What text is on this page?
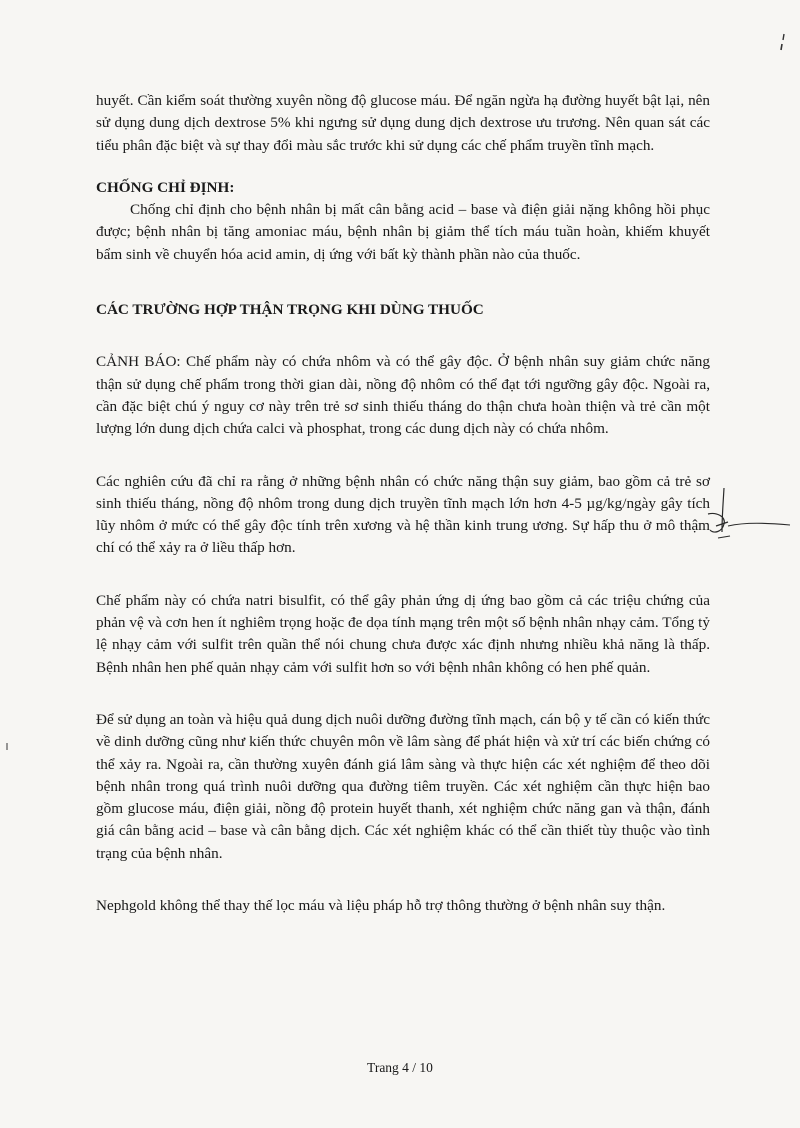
huyết. Cần kiểm soát thường xuyên nồng độ glucose máu. Để ngăn ngừa hạ đường huyết bật lại, nên sử dụng dung dịch dextrose 5% khi ngưng sử dụng dung dịch dextrose ưu trương. Nên quan sát các tiểu phân đặc biệt và sự thay đổi màu sắc trước khi sử dụng các chế phẩm truyền tĩnh mạch.

CHỐNG CHỈ ĐỊNH:

Chống chỉ định cho bệnh nhân bị mất cân bằng acid – base và điện giải nặng không hồi phục được; bệnh nhân bị tăng amoniac máu, bệnh nhân bị giảm thể tích máu tuần hoàn, khiếm khuyết bẩm sinh về chuyển hóa acid amin, dị ứng với bất kỳ thành phần nào của thuốc.

CÁC TRƯỜNG HỢP THẬN TRỌNG KHI DÙNG THUỐC

CẢNH BÁO: Chế phẩm này có chứa nhôm và có thể gây độc. Ở bệnh nhân suy giảm chức năng thận sử dụng chế phẩm trong thời gian dài, nồng độ nhôm có thể đạt tới ngưỡng gây độc. Ngoài ra, cần đặc biệt chú ý nguy cơ này trên trẻ sơ sinh thiếu tháng do thận chưa hoàn thiện và trẻ cần một lượng lớn dung dịch chứa calci và phosphat, trong các dung dịch này có chứa nhôm.

Các nghiên cứu đã chỉ ra rằng ở những bệnh nhân có chức năng thận suy giảm, bao gồm cả trẻ sơ sinh thiếu tháng, nồng độ nhôm trong dung dịch truyền tĩnh mạch lớn hơn 4-5 µg/kg/ngày gây tích lũy nhôm ở mức có thể gây độc tính trên xương và hệ thần kinh trung ương. Sự hấp thu ở mô thậm chí có thể xảy ra ở liều thấp hơn.

Chế phẩm này có chứa natri bisulfit, có thể gây phản ứng dị ứng bao gồm cả các triệu chứng của phản vệ và cơn hen ít nghiêm trọng hoặc đe dọa tính mạng trên một số bệnh nhân nhạy cảm. Tổng tỷ lệ nhạy cảm với sulfit trên quần thể nói chung chưa được xác định nhưng nhiều khả năng là thấp. Bệnh nhân hen phế quản nhạy cảm với sulfit hơn so với bệnh nhân không có hen phế quản.

Để sử dụng an toàn và hiệu quả dung dịch nuôi dưỡng đường tĩnh mạch, cán bộ y tế cần có kiến thức về dinh dưỡng cũng như kiến thức chuyên môn về lâm sàng để phát hiện và xử trí các biến chứng có thể xảy ra. Ngoài ra, cần thường xuyên đánh giá lâm sàng và thực hiện các xét nghiệm để theo dõi bệnh nhân trong quá trình nuôi dưỡng qua đường tiêm truyền. Các xét nghiệm cần thực hiện bao gồm glucose máu, điện giải, nồng độ protein huyết thanh, xét nghiệm chức năng gan và thận, đánh giá cân bằng acid – base và cân bằng dịch. Các xét nghiệm khác có thể cần thiết tùy thuộc vào tình trạng của bệnh nhân.

Nephgold không thể thay thế lọc máu và liệu pháp hỗ trợ thông thường ở bệnh nhân suy thận.

Trang 4 / 10
